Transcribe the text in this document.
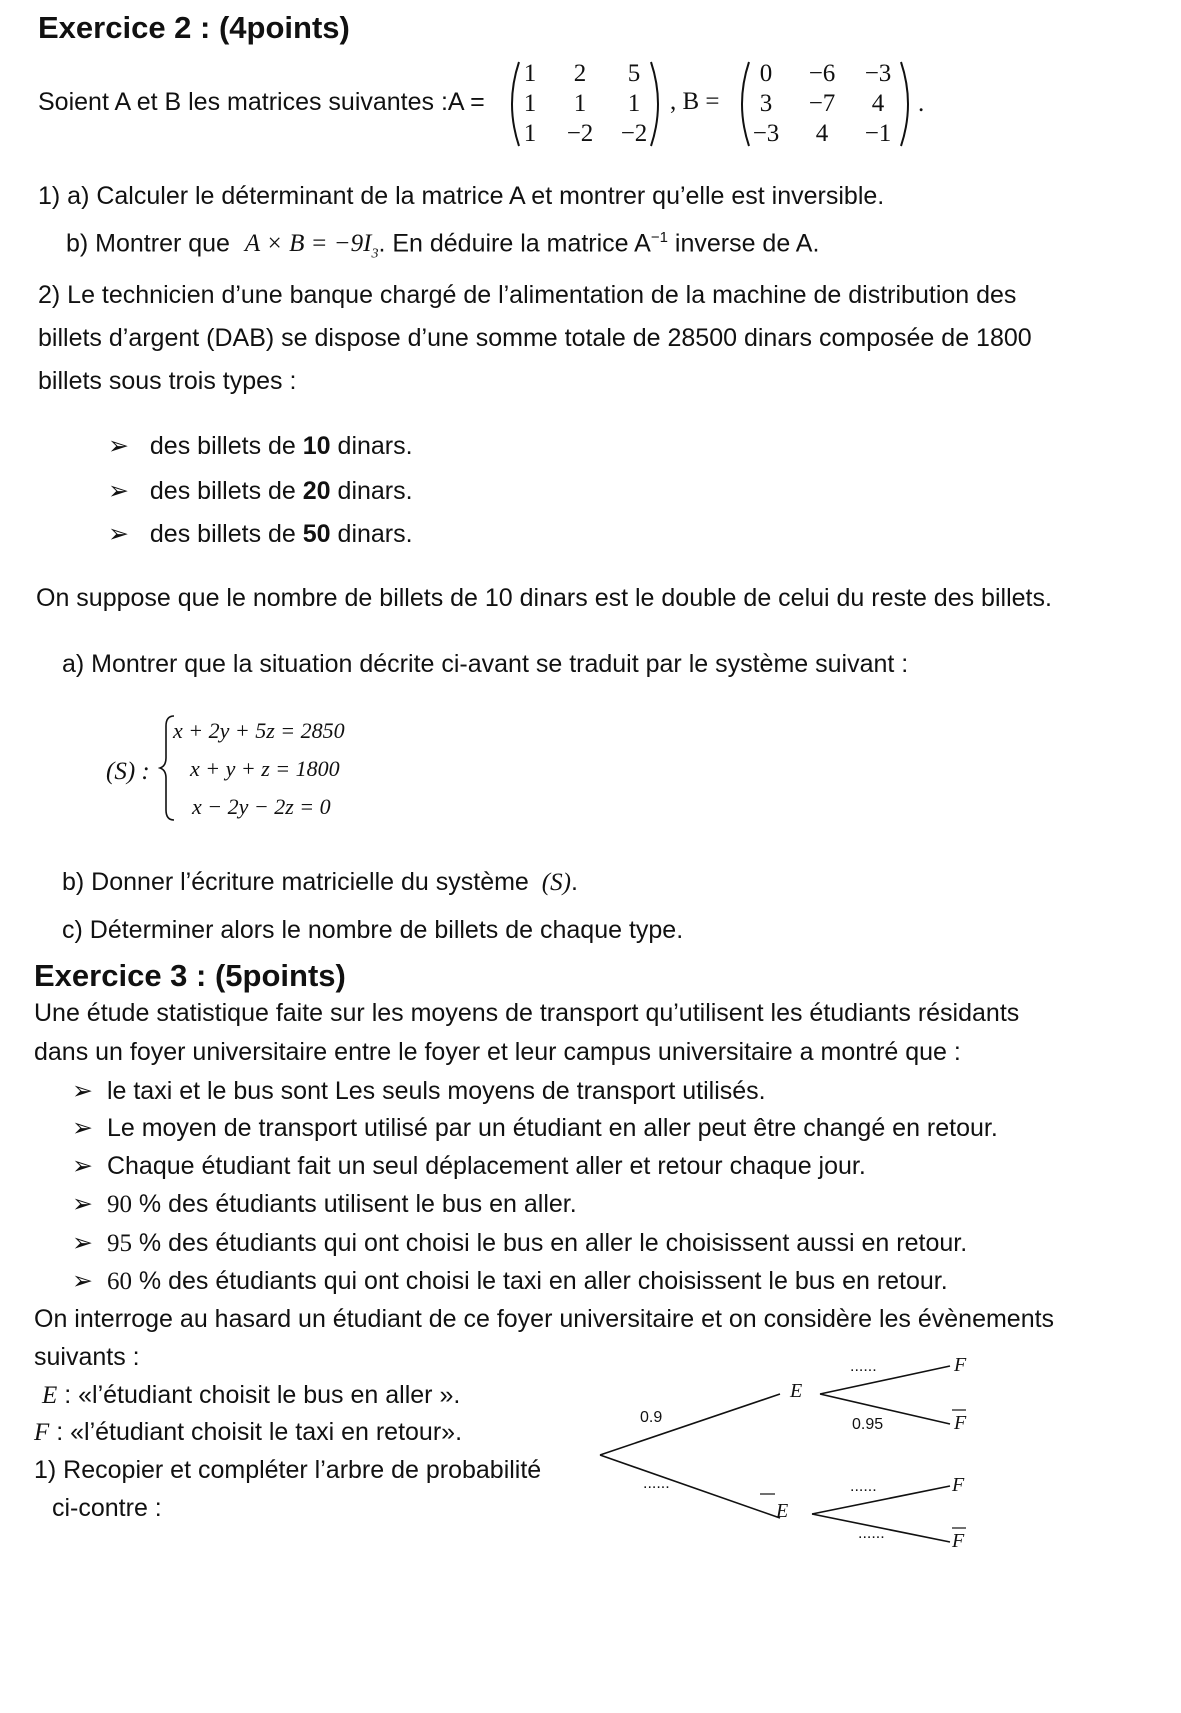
Exercice 2 : (4points)
Soient A et B les matrices suivantes :A =
1	2	5
1	1	1
1	−2	−2
, B =
0	−6	−3
3	−7	4
−3	4	−1
.
1) a) Calculer le déterminant de la matrice A et montrer qu’elle est inversible.
b) Montrer que $A \times B = -9I_3$. En déduire la matrice $A^{-1}$ inverse de A.
2) Le technicien d’une banque chargé de l’alimentation de la machine de distribution des
billets d’argent (DAB) se dispose d’une somme totale de 28500 dinars composée de 1800
billets sous trois types :
➢ des billets de 10 dinars.
➢ des billets de 20 dinars.
➢ des billets de 50 dinars.
On suppose que le nombre de billets de 10 dinars est le double de celui du reste des billets.
a) Montrer que la situation décrite ci-avant se traduit par le système suivant :
(S) :
x + 2y + 5z = 2850
x + y + z = 1800
x − 2y − 2z = 0
b) Donner l’écriture matricielle du système (S).
c) Déterminer alors le nombre de billets de chaque type.
Exercice 3 : (5points)
Une étude statistique faite sur les moyens de transport qu’utilisent les étudiants résidants
dans un foyer universitaire entre le foyer et leur campus universitaire a montré que :
➢ le taxi et le bus sont Les seuls moyens de transport utilisés.
➢ Le moyen de transport utilisé par un étudiant en aller peut être changé en retour.
➢ Chaque étudiant fait un seul déplacement aller et retour chaque jour.
➢ 90 % des étudiants utilisent le bus en aller.
➢ 95 % des étudiants qui ont choisi le bus en aller le choisissent aussi en retour.
➢ 60 % des étudiants qui ont choisi le taxi en aller choisissent le bus en retour.
On interroge au hasard un étudiant de ce foyer universitaire et on considère les évènements
suivants :
E : «l’étudiant choisit le bus en aller ».
F : «l’étudiant choisit le taxi en retour».
1) Recopier et compléter l’arbre de probabilité
ci-contre :
0.9
......
......
0.95
......
......
E
E
F
F
F
F
